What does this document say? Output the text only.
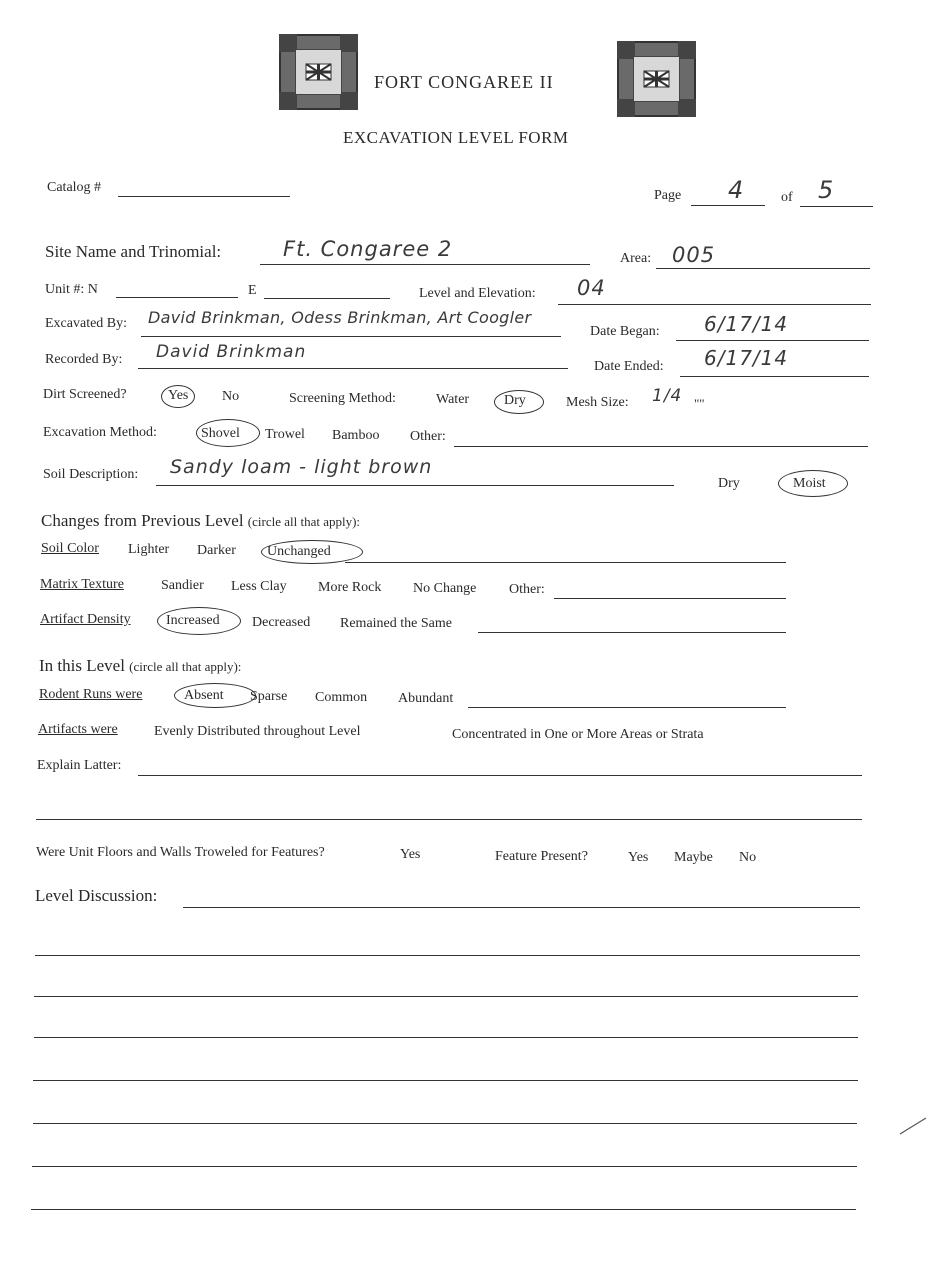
FORT CONGAREE II
EXCAVATION LEVEL FORM
Catalog #
Page 4	of 5
Site Name and Trinomial:	Ft. Congaree 2	Area: 005
Unit #: N	E	Level and Elevation: 04
Excavated By: David Brinkman, Odess Brinkman, Art Coogler
Date Began: 6/17/14
Recorded By: David Brinkman
Date Ended: 6/17/14
Dirt Screened?	Yes No	Screening Method:	Water Dry	Mesh Size: 1/4 ""
Excavation Method:	Shovel Trowel Bamboo Other:
Soil Description: Sandy loam - light brown
Dry	Moist
Changes from Previous Level (circle all that apply):
Soil Color Lighter Darker Unchanged
Matrix Texture	Sandier Less Clay More Rock No Change Other:
Artifact Density	Increased Decreased Remained the Same
In this Level (circle all that apply):
Rodent Runs were	Absent Sparse Common Abundant
Artifacts were	Evenly Distributed throughout Level	Concentrated in One or More Areas or Strata
Explain Latter:
Were Unit Floors and Walls Troweled for Features?	Yes	Feature Present?	Yes Maybe No
Level Discussion:
